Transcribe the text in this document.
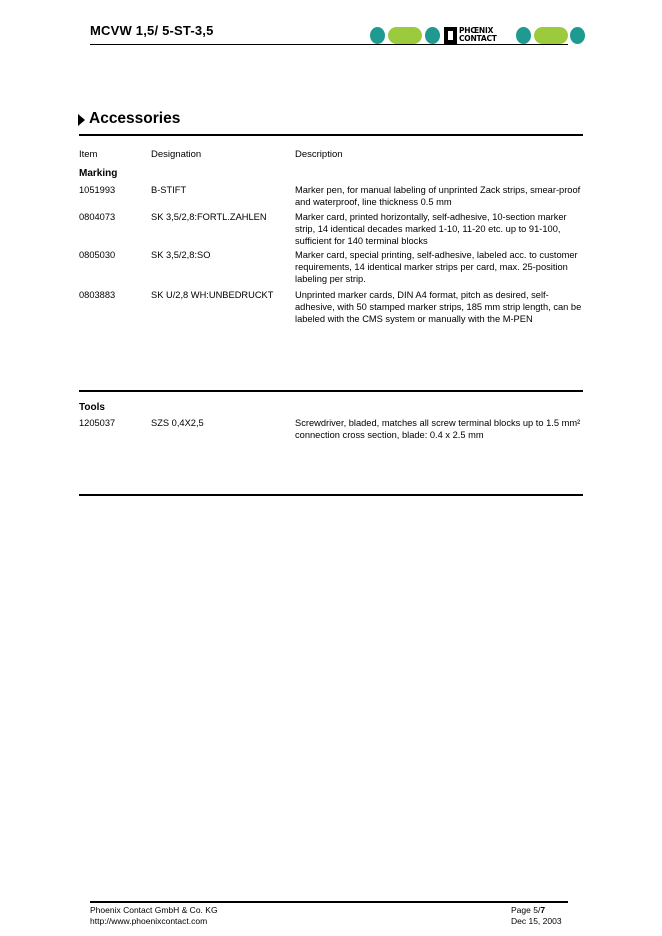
MCVW 1,5/ 5-ST-3,5	PHŒNIX
CONTACT
Accessories
Item	Designation	Description
Marking
1051993	B-STIFT	Marker pen, for manual labeling of unprinted Zack strips, smear-proof and waterproof, line thickness 0.5 mm
0804073	SK 3,5/2,8:FORTL.ZAHLEN	Marker card, printed horizontally, self-adhesive, 10-section marker strip, 14 identical decades marked 1-10, 11-20 etc. up to 91-100, sufficient for 140 terminal blocks
0805030	SK 3,5/2,8:SO	Marker card, special printing, self-adhesive, labeled acc. to customer requirements, 14 identical marker strips per card, max. 25-position labeling per strip.
0803883	SK U/2,8 WH:UNBEDRUCKT	Unprinted marker cards, DIN A4 format, pitch as desired, self-adhesive, with 50 stamped marker strips, 185 mm strip length, can be labeled with the CMS system or manually with the M-PEN
Tools
1205037	SZS 0,4X2,5	Screwdriver, bladed, matches all screw terminal blocks up to 1.5 mm² connection cross section, blade: 0.4 x 2.5 mm
Phoenix Contact GmbH & Co. KG
http://www.phoenixcontact.com
Page 5/7
Dec 15, 2003
